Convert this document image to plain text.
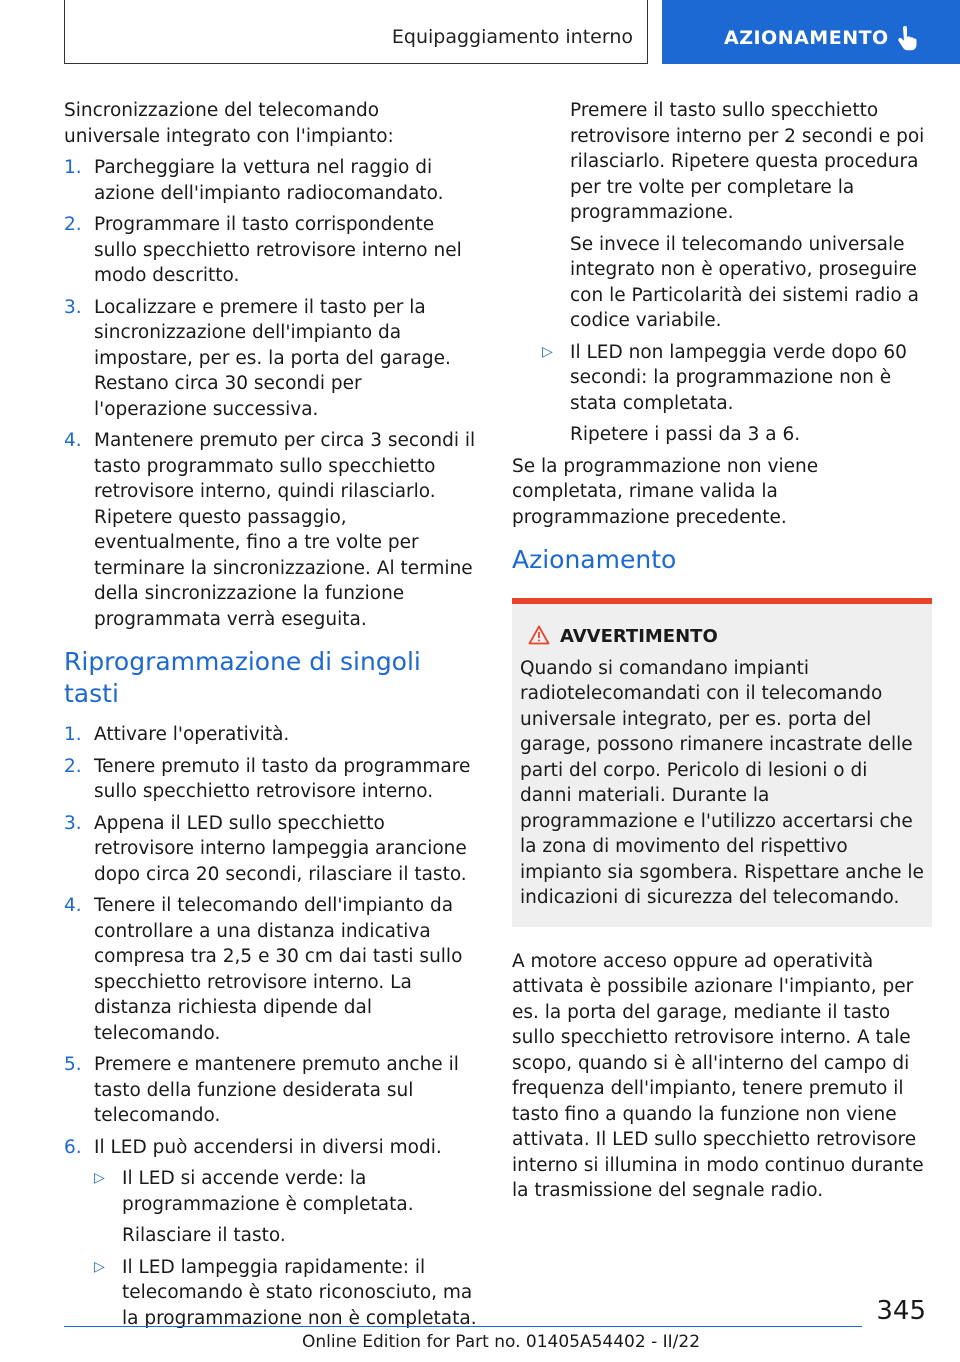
Equipaggiamento interno	AZIONAMENTO

Sincronizzazione del telecomando universale integrato con l'impianto:

1. Parcheggiare la vettura nel raggio di azione dell'impianto radiocomandato.
2. Programmare il tasto corrispondente sullo specchietto retrovisore interno nel modo descritto.
3. Localizzare e premere il tasto per la sincronizzazione dell'impianto da impostare, per es. la porta del garage. Restano circa 30 secondi per l'operazione successiva.
4. Mantenere premuto per circa 3 secondi il tasto programmato sullo specchietto retrovisore interno, quindi rilasciarlo. Ripetere questo passaggio, eventualmente, fino a tre volte per terminare la sincronizzazione. Al termine della sincronizzazione la funzione programmata verrà eseguita.
Riprogrammazione di singoli tasti
1. Attivare l'operatività.
2. Tenere premuto il tasto da programmare sullo specchietto retrovisore interno.
3. Appena il LED sullo specchietto retrovisore interno lampeggia arancione dopo circa 20 secondi, rilasciare il tasto.
4. Tenere il telecomando dell'impianto da controllare a una distanza indicativa compresa tra 2,5 e 30 cm dai tasti sullo specchietto retrovisore interno. La distanza richiesta dipende dal telecomando.
5. Premere e mantenere premuto anche il tasto della funzione desiderata sul telecomando.
6. Il LED può accendersi in diversi modi.
▷ Il LED si accende verde: la programmazione è completata.
Rilasciare il tasto.
▷ Il LED lampeggia rapidamente: il telecomando è stato riconosciuto, ma la programmazione non è completata.
Premere il tasto sullo specchietto retrovisore interno per 2 secondi e poi rilasciarlo. Ripetere questa procedura per tre volte per completare la programmazione.
Se invece il telecomando universale integrato non è operativo, proseguire con le Particolarità dei sistemi radio a codice variabile.
▷ Il LED non lampeggia verde dopo 60 secondi: la programmazione non è stata completata.
Ripetere i passi da 3 a 6.

Se la programmazione non viene completata, rimane valida la programmazione precedente.

Azionamento
AVVERTIMENTO

Quando si comandano impianti radiotelecomandati con il telecomando universale integrato, per es. porta del garage, possono rimanere incastrate delle parti del corpo. Pericolo di lesioni o di danni materiali. Durante la programmazione e l'utilizzo accertarsi che la zona di movimento del rispettivo impianto sia sgombera. Rispettare anche le indicazioni di sicurezza del telecomando.

A motore acceso oppure ad operatività attivata è possibile azionare l'impianto, per es. la porta del garage, mediante il tasto sullo specchietto retrovisore interno. A tale scopo, quando si è all'interno del campo di frequenza dell'impianto, tenere premuto il tasto fino a quando la funzione non viene attivata. Il LED sullo specchietto retrovisore interno si illumina in modo continuo durante la trasmissione del segnale radio.

345
Online Edition for Part no. 01405A54402 - II/22
